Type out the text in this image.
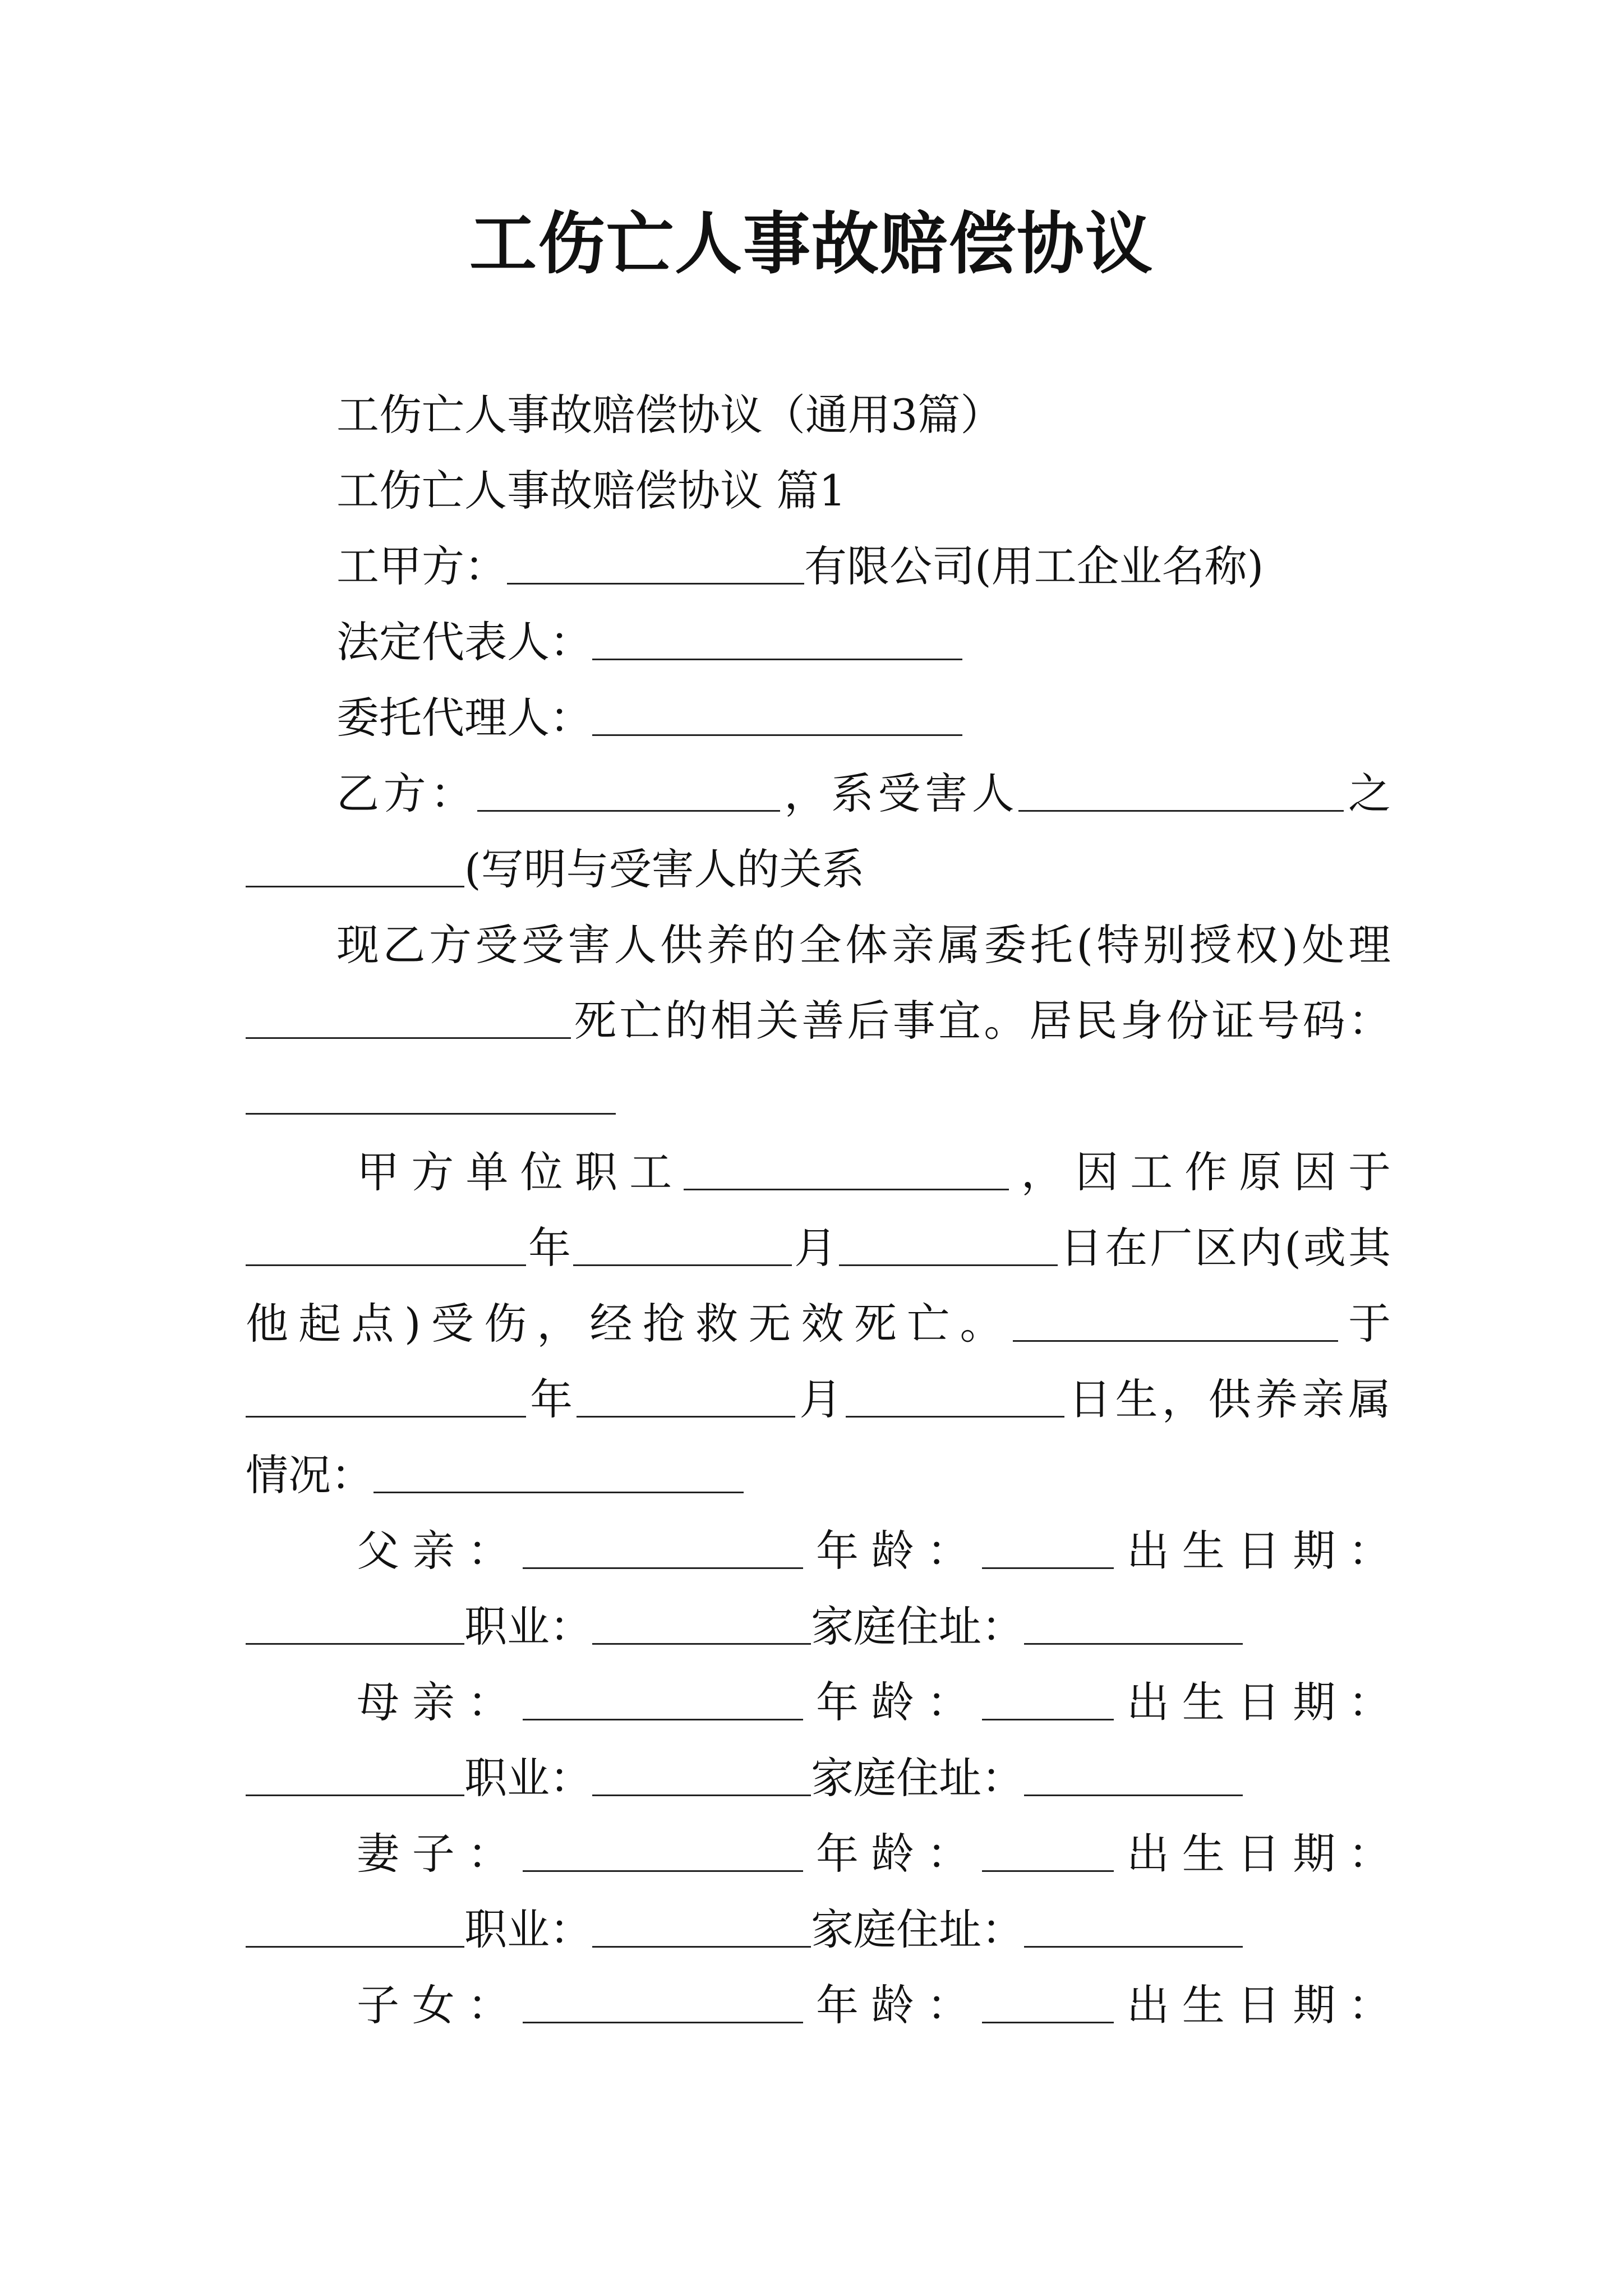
工伤亡人事故赔偿协议
工伤亡人事故赔偿协议（通用3篇）
工伤亡人事故赔偿协议 篇1
工甲方：	有限公司(用工企业名称)
法定代表人：
委托代理人：
乙方：	，系受害人	之
(写明与受害人的关系
现乙方受受害人供养的全体亲属委托(特别授权)处理
死亡的相关善后事宜。居民身份证号码：
甲方单位职工	，因工作原因于
年	月	日在厂区内(或其
他起点)受伤，经抢救无效死亡。	于
年	月	日生，供养亲属
情况：
父亲：	年龄：	出生日期：
职业：	家庭住址：
母亲：	年龄：	出生日期：
职业：	家庭住址：
妻子：	年龄：	出生日期：
职业：	家庭住址：
子女：	年龄：	出生日期：
